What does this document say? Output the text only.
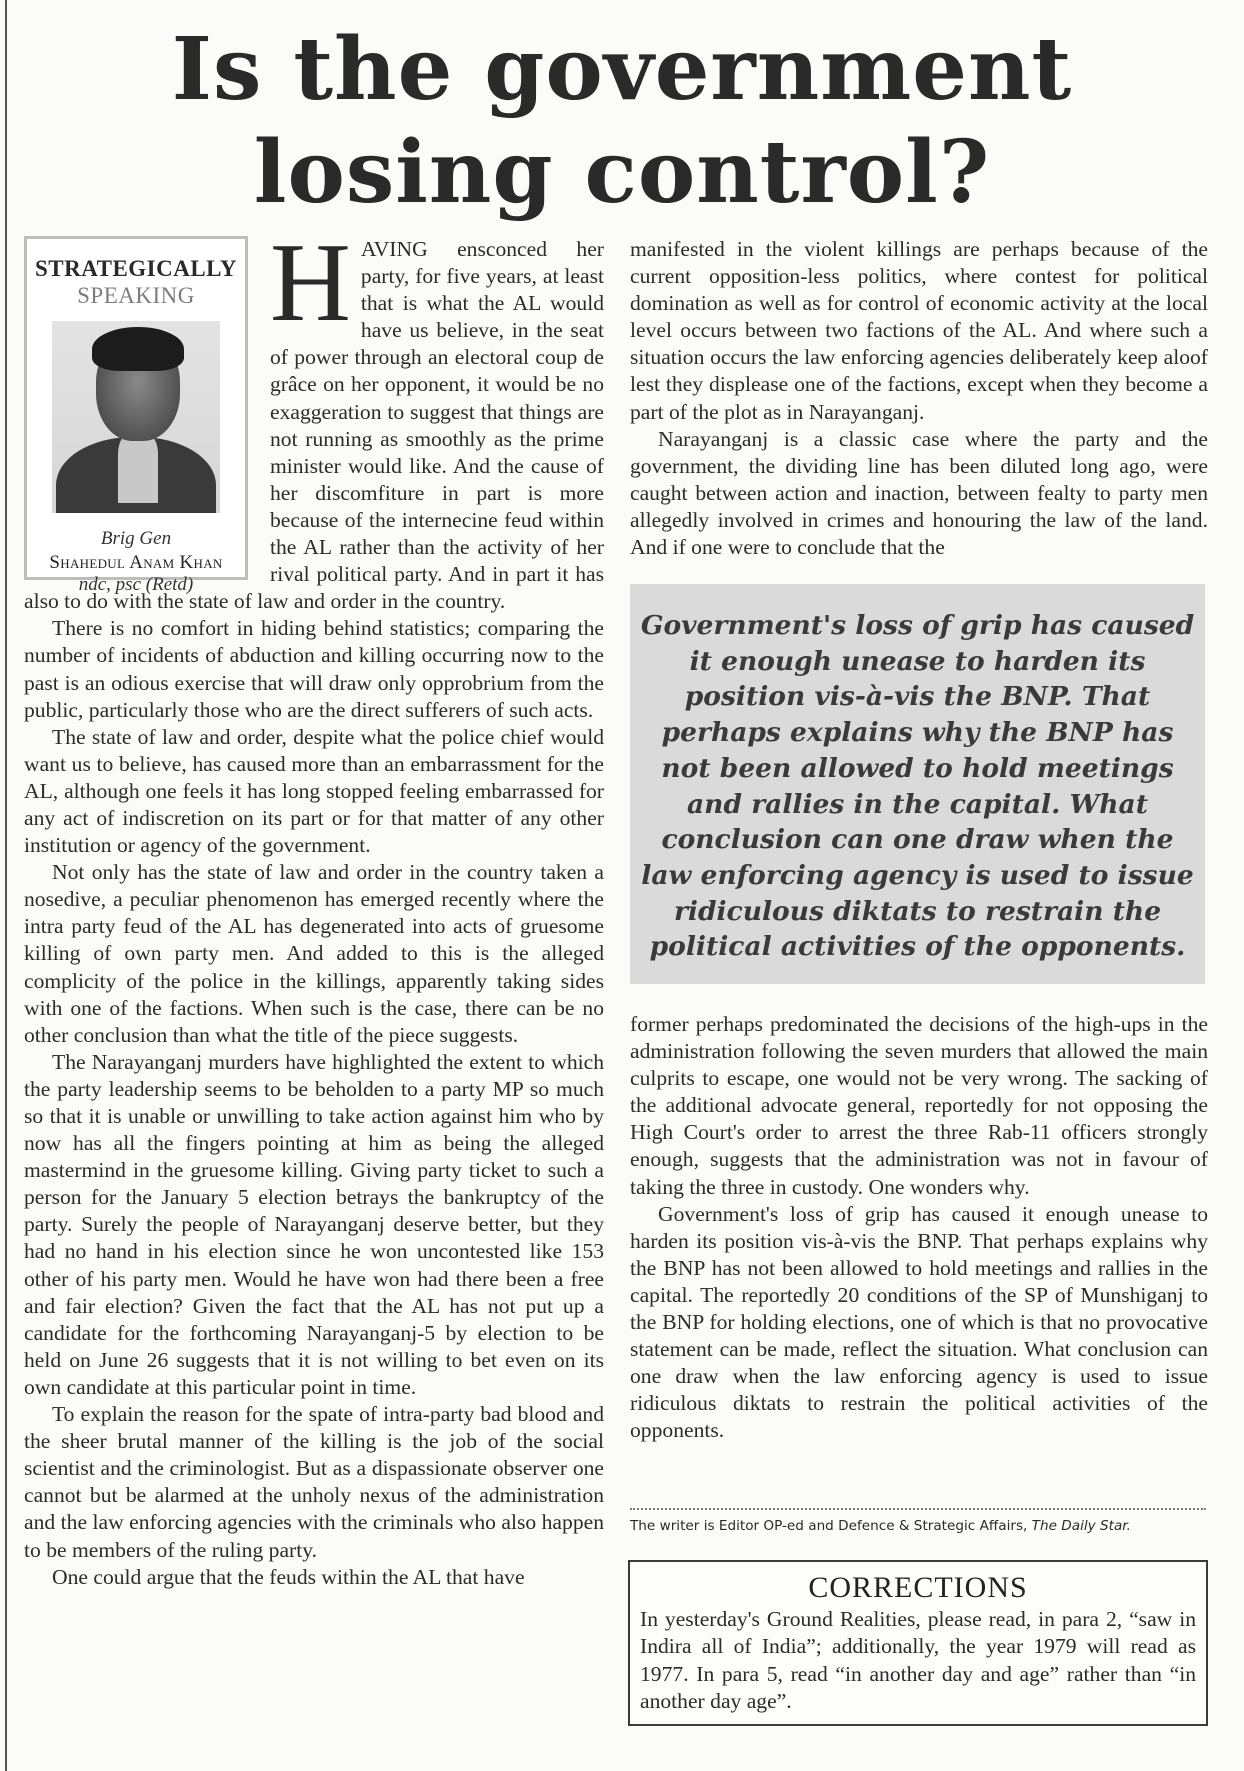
Is the government
losing control?
STRATEGICALLY
SPEAKING
Brig Gen
Shahedul Anam Khan
ndc, psc (Retd)

HAVING ensconced her party, for five years, at least that is what the AL would have us believe, in the seat of power through an electoral coup de grâce on her opponent, it would be no exaggeration to suggest that things are not running as smoothly as the prime minister would like. And the cause of her discomfiture in part is more because of the internecine feud within the AL rather than the activity of her rival political party. And in part it has also to do with the state of law and order in the country.

There is no comfort in hiding behind statistics; comparing the number of incidents of abduction and killing occurring now to the past is an odious exercise that will draw only opprobrium from the public, particularly those who are the direct sufferers of such acts.

The state of law and order, despite what the police chief would want us to believe, has caused more than an embarrassment for the AL, although one feels it has long stopped feeling embarrassed for any act of indiscretion on its part or for that matter of any other institution or agency of the government.

Not only has the state of law and order in the country taken a nosedive, a peculiar phenomenon has emerged recently where the intra party feud of the AL has degenerated into acts of gruesome killing of own party men. And added to this is the alleged complicity of the police in the killings, apparently taking sides with one of the factions. When such is the case, there can be no other conclusion than what the title of the piece suggests.

The Narayanganj murders have highlighted the extent to which the party leadership seems to be beholden to a party MP so much so that it is unable or unwilling to take action against him who by now has all the fingers pointing at him as being the alleged mastermind in the gruesome killing. Giving party ticket to such a person for the January 5 election betrays the bankruptcy of the party. Surely the people of Narayanganj deserve better, but they had no hand in his election since he won uncontested like 153 other of his party men. Would he have won had there been a free and fair election? Given the fact that the AL has not put up a candidate for the forthcoming Narayanganj-5 by election to be held on June 26 suggests that it is not willing to bet even on its own candidate at this particular point in time.

To explain the reason for the spate of intra-party bad blood and the sheer brutal manner of the killing is the job of the social scientist and the criminologist. But as a dispassionate observer one cannot but be alarmed at the unholy nexus of the administration and the law enforcing agencies with the criminals who also happen to be members of the ruling party.

One could argue that the feuds within the AL that have

manifested in the violent killings are perhaps because of the current opposition-less politics, where contest for political domination as well as for control of economic activity at the local level occurs between two factions of the AL. And where such a situation occurs the law enforcing agencies deliberately keep aloof lest they displease one of the factions, except when they become a part of the plot as in Narayanganj.

Narayanganj is a classic case where the party and the government, the dividing line has been diluted long ago, were caught between action and inaction, between fealty to party men allegedly involved in crimes and honouring the law of the land. And if one were to conclude that the

Government's loss of grip has caused it enough unease to harden its position vis-à-vis the BNP. That perhaps explains why the BNP has not been allowed to hold meetings and rallies in the capital. What conclusion can one draw when the law enforcing agency is used to issue ridiculous diktats to restrain the political activities of the opponents.

former perhaps predominated the decisions of the high-ups in the administration following the seven murders that allowed the main culprits to escape, one would not be very wrong. The sacking of the additional advocate general, reportedly for not opposing the High Court's order to arrest the three Rab-11 officers strongly enough, suggests that the administration was not in favour of taking the three in custody. One wonders why.

Government's loss of grip has caused it enough unease to harden its position vis-à-vis the BNP. That perhaps explains why the BNP has not been allowed to hold meetings and rallies in the capital. The reportedly 20 conditions of the SP of Munshiganj to the BNP for holding elections, one of which is that no provocative statement can be made, reflect the situation. What conclusion can one draw when the law enforcing agency is used to issue ridiculous diktats to restrain the political activities of the opponents.

The writer is Editor OP-ed and Defence & Strategic Affairs, The Daily Star.
CORRECTIONS
In yesterday's Ground Realities, please read, in para 2, “saw in Indira all of India”; additionally, the year 1979 will read as 1977. In para 5, read “in another day and age” rather than “in another day age”.
